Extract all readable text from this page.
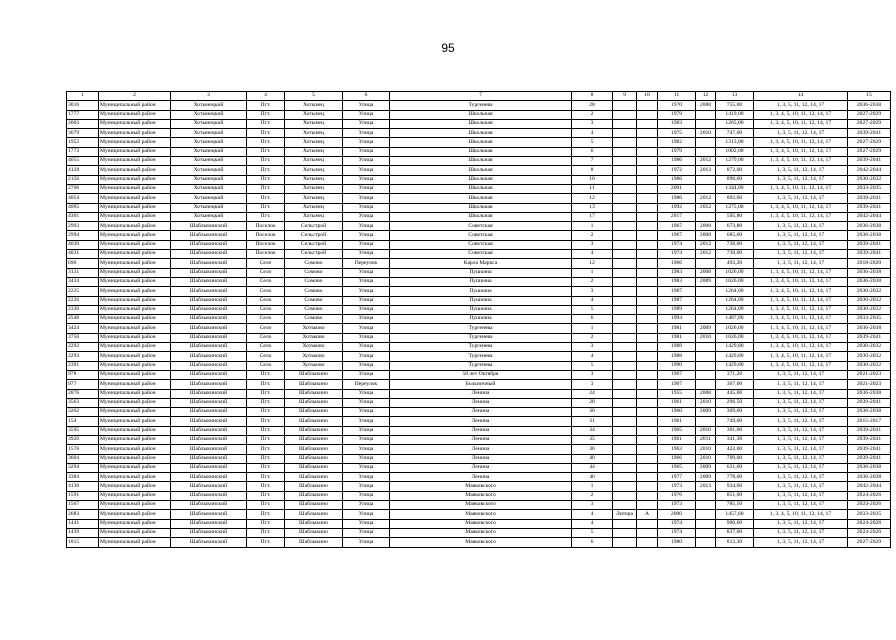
95
1	2	3	4	5	6	7	8	9	10	11	12	13	14	15
3016	Муниципальный район	Хотынецкий	Пгт.	Хотынец	Улица	Тургенева	28			1970	2008	755,00	1, 3, 5, 11, 12, 14, 17	2036-2038
1777	Муниципальный район	Хотынецкий	Пгт.	Хотынец	Улица	Школьная	2			1979		1419,00	1, 3, 4, 5, 10, 11, 12, 14, 17	2027-2029
2003	Муниципальный район	Хотынецкий	Пгт.	Хотынец	Улица	Школьная	3			1983		1265,00	1, 3, 4, 5, 10, 11, 12, 14, 17	2027-2029
3679	Муниципальный район	Хотынецкий	Пгт.	Хотынец	Улица	Школьная	4			1975	2010	747,00	1, 3, 5, 11, 12, 14, 17	2039-2041
1952	Муниципальный район	Хотынецкий	Пгт.	Хотынец	Улица	Школьная	5			1982		1313,00	1, 3, 4, 5, 10, 11, 12, 14, 17	2027-2029
1773	Муниципальный район	Хотынецкий	Пгт.	Хотынец	Улица	Школьная	6			1979		1002,00	1, 3, 4, 5, 10, 11, 12, 14, 17	2027-2029
4055	Муниципальный район	Хотынецкий	Пгт.	Хотынец	Улица	Школьная	7			1986	2012	1279,00	1, 3, 4, 5, 10, 11, 12, 14, 17	2039-2041
4128	Муниципальный район	Хотынецкий	Пгт.	Хотынец	Улица	Школьная	8			1972	2013	872,00	1, 3, 5, 11, 12, 14, 17	2042-2044
2156	Муниципальный район	Хотынецкий	Пгт.	Хотынец	Улица	Школьная	10			1986		890,00	1, 3, 5, 11, 12, 14, 17	2030-2032
2706	Муниципальный район	Хотынецкий	Пгт.	Хотынец	Улица	Школьная	11			2001		1344,00	1, 3, 4, 5, 10, 11, 12, 14, 17	2033-2035
4054	Муниципальный район	Хотынецкий	Пгт.	Хотынец	Улица	Школьная	12			1986	2012	892,00	1, 3, 5, 11, 12, 14, 17	2039-2041
4065	Муниципальный район	Хотынецкий	Пгт.	Хотынец	Улица	Школьная	13			1992	2012	1275,00	1, 3, 4, 5, 10, 11, 12, 14, 17	2039-2041
4301	Муниципальный район	Хотынецкий	Пгт.	Хотынец	Улица	Школьная	17			2017		595,80	1, 3, 4, 5, 10, 11, 12, 14, 17	2042-2044
2993	Муниципальный район	Шаблыкинский	Поселок	Сельстрой	Улица	Советская	1			1967	2008	673,80	1, 3, 5, 11, 12, 14, 17	2036-2038
2994	Муниципальный район	Шаблыкинский	Поселок	Сельстрой	Улица	Советская	2			1967	2008	685,00	1, 3, 5, 11, 12, 14, 17	2036-2038
4030	Муниципальный район	Шаблыкинский	Поселок	Сельстрой	Улица	Советская	3			1974	2012	730,00	1, 3, 5, 11, 12, 14, 17	2039-2041
4031	Муниципальный район	Шаблыкинский	Поселок	Сельстрой	Улица	Советская	4			1974	2012	730,00	1, 3, 5, 11, 12, 14, 17	2039-2041
696	Муниципальный район	Шаблыкинский	Село	Сомово	Переулок	Карла Маркса	12			1966		493,20	1, 3, 5, 11, 12, 14, 17	2018-2020
3131	Муниципальный район	Шаблыкинский	Село	Сомово	Улица	Пушкина	1			1983	2008	1026,00	1, 3, 4, 5, 10, 11, 12, 14, 17	2036-2038
3434	Муниципальный район	Шаблыкинский	Село	Сомово	Улица	Пушкина	2			1983	2009	1026,00	1, 3, 4, 5, 10, 11, 12, 14, 17	2036-2038
2225	Муниципальный район	Шаблыкинский	Село	Сомово	Улица	Пушкина	3			1987		1264,00	1, 3, 4, 5, 10, 11, 12, 14, 17	2030-2032
2226	Муниципальный район	Шаблыкинский	Село	Сомово	Улица	Пушкина	4			1987		1264,00	1, 3, 4, 5, 10, 11, 12, 14, 17	2030-2032
2330	Муниципальный район	Шаблыкинский	Село	Сомово	Улица	Пушкина	5			1989		1264,00	1, 3, 4, 5, 10, 11, 12, 14, 17	2030-2032
2548	Муниципальный район	Шаблыкинский	Село	Сомово	Улица	Пушкина	6			1994		1487,80	1, 3, 4, 5, 10, 11, 12, 14, 17	2033-2035
3424	Муниципальный район	Шаблыкинский	Село	Хотьково	Улица	Тургенева	1			1981	2009	1026,00	1, 3, 4, 5, 10, 11, 12, 14, 17	2036-2038
3756	Муниципальный район	Шаблыкинский	Село	Хотьково	Улица	Тургенева	2			1981	2010	1026,00	1, 3, 4, 5, 10, 11, 12, 14, 17	2039-2041
2292	Муниципальный район	Шаблыкинский	Село	Хотьково	Улица	Тургенева	3			1988		1429,80	1, 3, 4, 5, 10, 11, 12, 14, 17	2030-2032
2293	Муниципальный район	Шаблыкинский	Село	Хотьково	Улица	Тургенева	4			1988		1429,80	1, 3, 4, 5, 10, 11, 12, 14, 17	2030-2032
2391	Муниципальный район	Шаблыкинский	Село	Хотьково	Улица	Тургенева	5			1990		1429,80	1, 3, 4, 5, 10, 11, 12, 14, 17	2030-2032
978	Муниципальный район	Шаблыкинский	Пгт.	Шаблыкино	Улица	50 лет Октября	3			1967		371,20	1, 3, 5, 11, 12, 14, 17	2021-2023
977	Муниципальный район	Шаблыкинский	Пгт.	Шаблыкино	Переулок	Больничный	3			1967		367,00	1, 3, 5, 11, 12, 14, 17	2021-2023
2876	Муниципальный район	Шаблыкинский	Пгт.	Шаблыкино	Улица	Ленина	24			1955	2008	445,00	1, 3, 5, 11, 12, 14, 17	2036-2038
3563	Муниципальный район	Шаблыкинский	Пгт.	Шаблыкино	Улица	Ленина	28			1961	2010	296,50	1, 3, 5, 11, 12, 14, 17	2039-2041
3262	Муниципальный район	Шаблыкинский	Пгт.	Шаблыкино	Улица	Ленина	30			1960	2009	309,00	1, 3, 5, 11, 12, 14, 17	2036-2038
154	Муниципальный район	Шаблыкинский	Пгт.	Шаблыкино	Улица	Ленина	31			1961		749,00	1, 3, 5, 11, 12, 14, 17	2015-2017
3595	Муниципальный район	Шаблыкинский	Пгт.	Шаблыкино	Улица	Ленина	34			1965	2010	301,00	1, 3, 5, 11, 12, 14, 17	2039-2041
3920	Муниципальный район	Шаблыкинский	Пгт.	Шаблыкино	Улица	Ленина	35			1961	2011	341,30	1, 3, 5, 11, 12, 14, 17	2039-2041
1576	Муниципальный район	Шаблыкинский	Пгт.	Шаблыкино	Улица	Ленина	36			1963	2010	422,00	1, 3, 5, 11, 12, 14, 17	2039-2041
3604	Муниципальный район	Шаблыкинский	Пгт.	Шаблыкино	Улица	Ленина	40			1966	2010	709,00	1, 3, 5, 11, 12, 14, 17	2039-2041
3294	Муниципальный район	Шаблыкинский	Пгт.	Шаблыкино	Улица	Ленина	44			1965	2009	631,00	1, 3, 5, 11, 12, 14, 17	2036-2038
3384	Муниципальный район	Шаблыкинский	Пгт.	Шаблыкино	Улица	Ленина	46			1977	2009	778,00	1, 3, 5, 11, 12, 14, 17	2036-2038
4130	Муниципальный район	Шаблыкинский	Пгт.	Шаблыкино	Улица	Маяковского	1			1973	2013	934,00	1, 3, 5, 11, 12, 14, 17	2042-2044
1591	Муниципальный район	Шаблыкинский	Пгт.	Шаблыкино	Улица	Маяковского	2			1976		851,00	1, 3, 5, 11, 12, 14, 17	2024-2026
1567	Муниципальный район	Шаблыкинский	Пгт.	Шаблыкино	Улица	Маяковского	3			1973		785,50	1, 3, 5, 11, 12, 14, 17	2024-2026
2683	Муниципальный район	Шаблыкинский	Пгт.	Шаблыкино	Улица	Маяковского	4	Литера	А	2000		1457,60	1, 3, 4, 5, 10, 11, 12, 14, 17	2033-2035
1441	Муниципальный район	Шаблыкинский	Пгт.	Шаблыкино	Улица	Маяковского	4			1974		900,60	1, 3, 5, 11, 12, 14, 17	2024-2026
1439	Муниципальный район	Шаблыкинский	Пгт.	Шаблыкино	Улица	Маяковского	5			1974		837,00	1, 3, 5, 11, 12, 14, 17	2024-2026
1815	Муниципальный район	Шаблыкинский	Пгт.	Шаблыкино	Улица	Маяковского	6			1980		812,30	1, 3, 5, 11, 12, 14, 17	2027-2029
